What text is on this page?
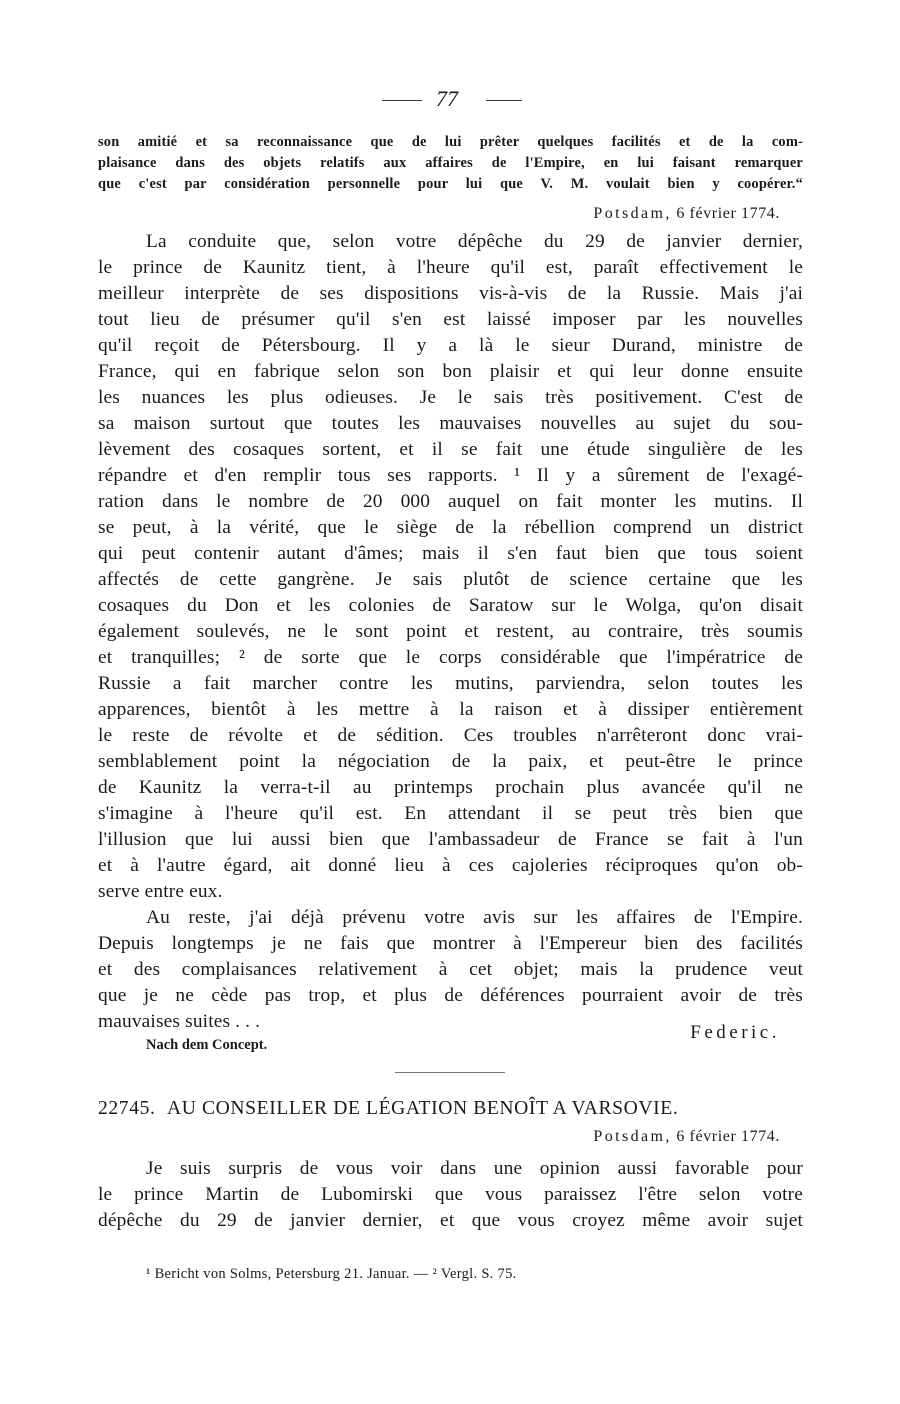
77
son amitié et sa reconnaissance que de lui prêter quelques facilités et de la com-
plaisance dans des objets relatifs aux affaires de l'Empire, en lui faisant remarquer
que c'est par considération personnelle pour lui que V. M. voulait bien y coopérer.“
Potsdam, 6 février 1774.
La conduite que, selon votre dépêche du 29 de janvier dernier,
le prince de Kaunitz tient, à l'heure qu'il est, paraît effectivement le
meilleur interprète de ses dispositions vis-à-vis de la Russie. Mais j'ai
tout lieu de présumer qu'il s'en est laissé imposer par les nouvelles
qu'il reçoit de Pétersbourg. Il y a là le sieur Durand, ministre de
France, qui en fabrique selon son bon plaisir et qui leur donne ensuite
les nuances les plus odieuses. Je le sais très positivement. C'est de
sa maison surtout que toutes les mauvaises nouvelles au sujet du sou-
lèvement des cosaques sortent, et il se fait une étude singulière de les
répandre et d'en remplir tous ses rapports. ¹ Il y a sûrement de l'exagé-
ration dans le nombre de 20 000 auquel on fait monter les mutins. Il
se peut, à la vérité, que le siège de la rébellion comprend un district
qui peut contenir autant d'âmes; mais il s'en faut bien que tous soient
affectés de cette gangrène. Je sais plutôt de science certaine que les
cosaques du Don et les colonies de Saratow sur le Wolga, qu'on disait
également soulevés, ne le sont point et restent, au contraire, très soumis
et tranquilles; ² de sorte que le corps considérable que l'impératrice de
Russie a fait marcher contre les mutins, parviendra, selon toutes les
apparences, bientôt à les mettre à la raison et à dissiper entièrement
le reste de révolte et de sédition. Ces troubles n'arrêteront donc vrai-
semblablement point la négociation de la paix, et peut-être le prince
de Kaunitz la verra-t-il au printemps prochain plus avancée qu'il ne
s'imagine à l'heure qu'il est. En attendant il se peut très bien que
l'illusion que lui aussi bien que l'ambassadeur de France se fait à l'un
et à l'autre égard, ait donné lieu à ces cajoleries réciproques qu'on ob-
serve entre eux.
Au reste, j'ai déjà prévenu votre avis sur les affaires de l'Empire.
Depuis longtemps je ne fais que montrer à l'Empereur bien des facilités
et des complaisances relativement à cet objet; mais la prudence veut
que je ne cède pas trop, et plus de déférences pourraient avoir de très
mauvaises suites . . .
Federic.
Nach dem Concept.
22745. AU CONSEILLER DE LÉGATION BENOÎT A VARSOVIE.
Potsdam, 6 février 1774.
Je suis surpris de vous voir dans une opinion aussi favorable pour
le prince Martin de Lubomirski que vous paraissez l'être selon votre
dépêche du 29 de janvier dernier, et que vous croyez même avoir sujet
¹ Bericht von Solms, Petersburg 21. Januar. — ² Vergl. S. 75.
